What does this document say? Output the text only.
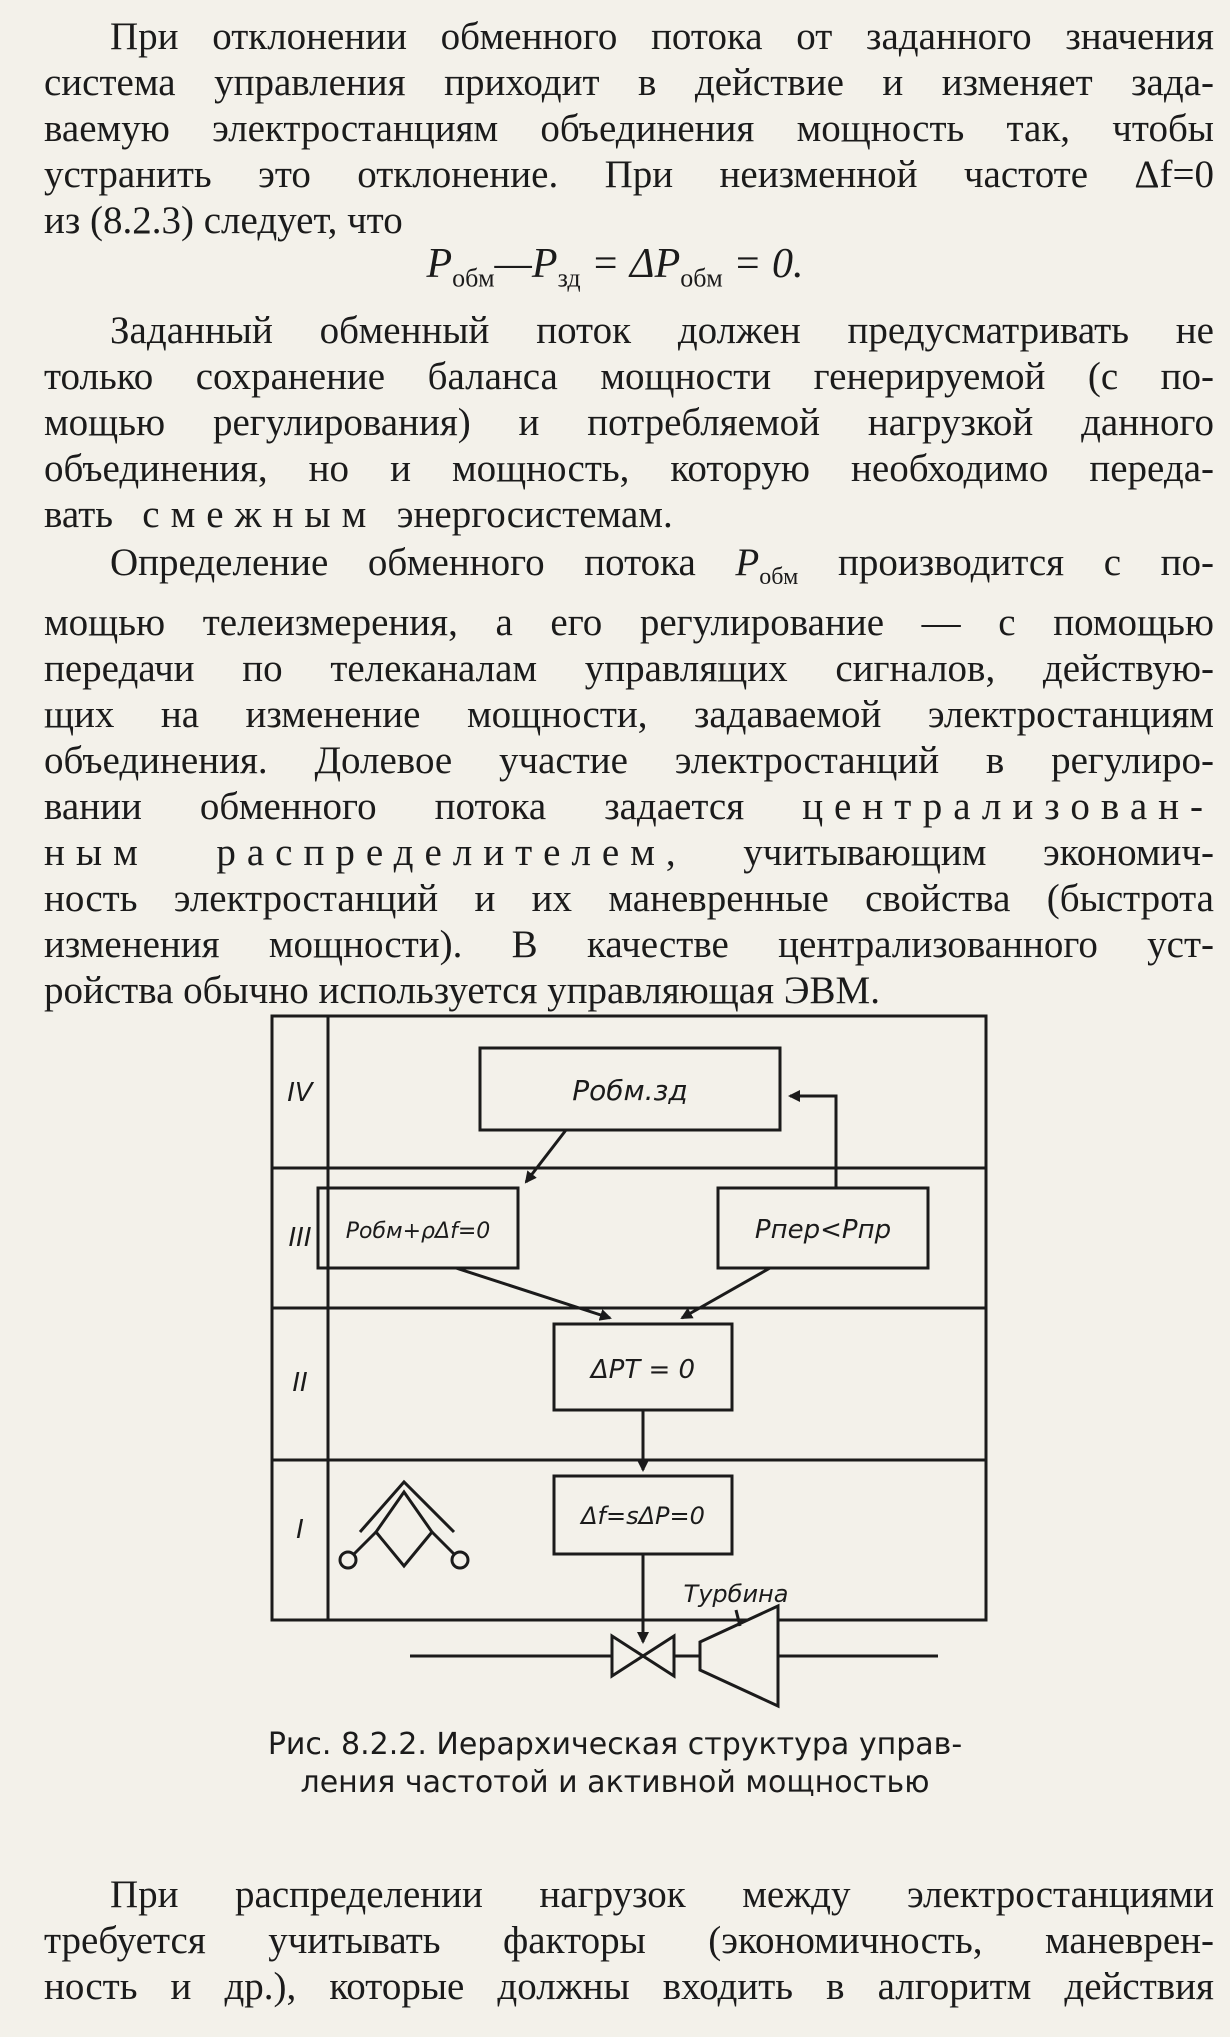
При отклонении обменного потока от заданного значения
система управления приходит в действие и изменяет зада-
ваемую электростанциям объединения мощность так, чтобы
устранить это отклонение. При неизменной частоте Δf=0
из (8.2.3) следует, что
$P_{обм}—P_{зд} = \Delta P_{обм} = 0$.
Заданный обменный поток должен предусматривать не
только сохранение баланса мощности генерируемой (с по-
мощью регулирования) и потребляемой нагрузкой данного
объединения, но и мощность, которую необходимо переда-
вать смежным энергосистемам.
Определение обменного потока $P_{обм}$ производится с по-
мощью телеизмерения, а его регулирование — с помощью
передачи по телеканалам управлящих сигналов, действую-
щих на изменение мощности, задаваемой электростанциям
объединения. Долевое участие электростанций в регулиро-
вании обменного потока задается централизован-
ным распределителем, учитывающим экономич-
ность электростанций и их маневренные свойства (быстрота
изменения мощности). В качестве централизованного уст-
ройства обычно используется управляющая ЭВМ.
IV
III
II
I
Pобм.зд
Pобм+ρΔf=0	Pпер<Pпр
ΔPT = 0
Δf=sΔP=0
Турбина
Рис. 8.2.2. Иерархическая структура управ-
ления частотой и активной мощностью
При распределении нагрузок между электростанциями
требуется учитывать факторы (экономичность, маневрен-
ность и др.), которые должны входить в алгоритм действия
